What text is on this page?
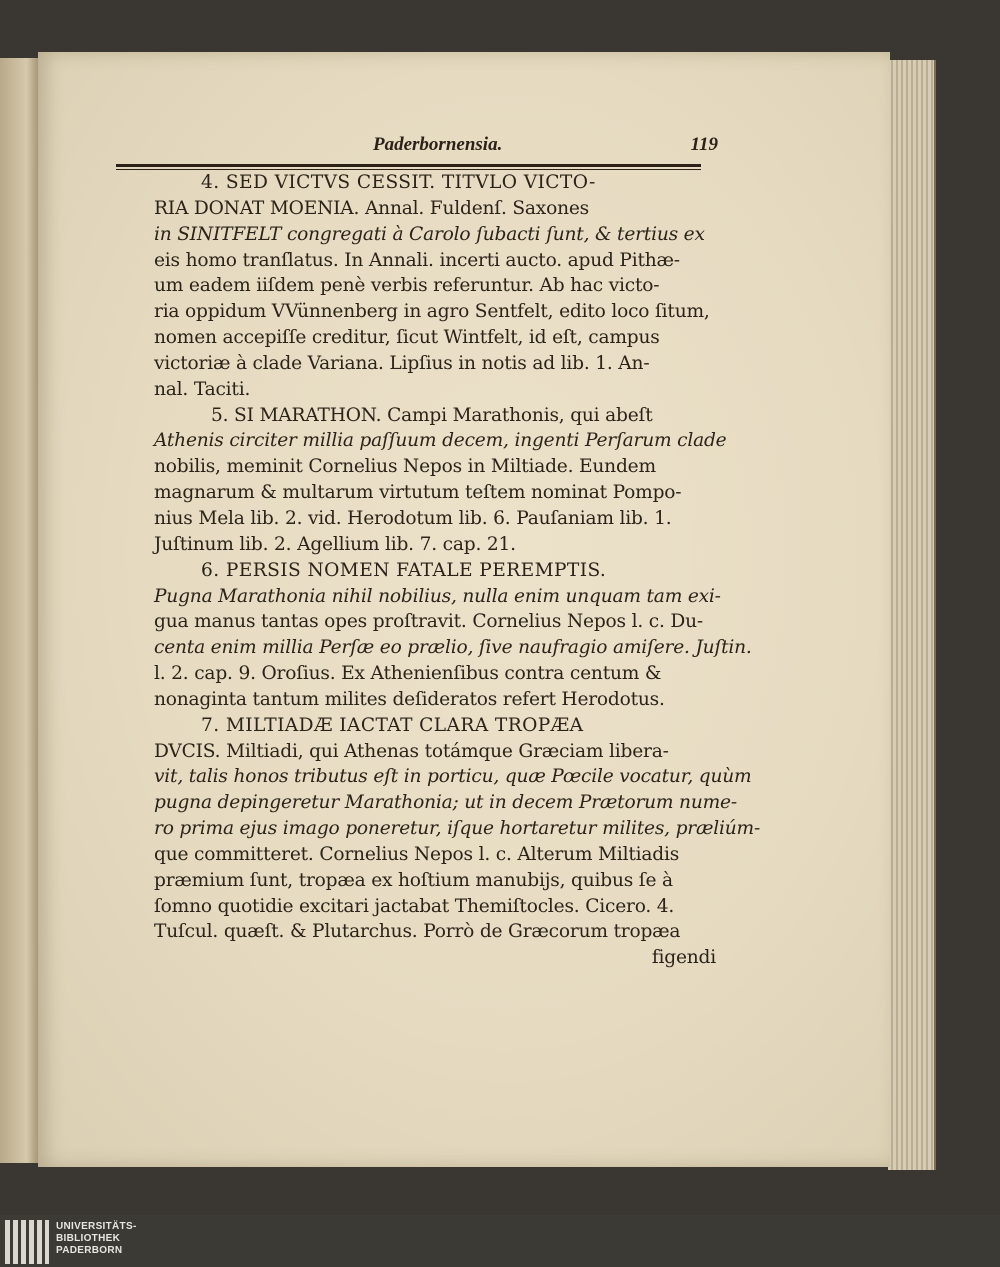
Paderbornensia.	119
4. SED VICTVS CESSIT. TITVLO VICTO-
RIA DONAT MOENIA. Annal. Fuldenſ. Saxones
in SINITFELT congregati à Carolo ſubacti ſunt, & tertius ex
eis homo tranſlatus. In Annali. incerti aucto. apud Pithæ-
um eadem iiſdem penè verbis referuntur. Ab hac victo-
ria oppidum VVünnenberg in agro Sentfelt, edito loco ſitum,
nomen accepiſſe creditur, ſicut Wintfelt, id eſt, campus
victoriæ à clade Variana. Lipſius in notis ad lib. 1. An-
nal. Taciti.
5. SI MARATHON. Campi Marathonis, qui abeſt
Athenis circiter millia paſſuum decem, ingenti Perſarum clade
nobilis, meminit Cornelius Nepos in Miltiade. Eundem
magnarum & multarum virtutum teſtem nominat Pompo-
nius Mela lib. 2. vid. Herodotum lib. 6. Pauſaniam lib. 1.
Juſtinum lib. 2. Agellium lib. 7. cap. 21.
6. PERSIS NOMEN FATALE PEREMPTIS.
Pugna Marathonia nihil nobilius, nulla enim unquam tam exi-
gua manus tantas opes proſtravit. Cornelius Nepos l. c. Du-
centa enim millia Perſæ eo prælio, ſive naufragio amiſere. Juſtin.
l. 2. cap. 9. Oroſius. Ex Athenienſibus contra centum &
nonaginta tantum milites deſideratos refert Herodotus.
7. MILTIADÆ IACTAT CLARA TROPÆA
DVCIS. Miltiadi, qui Athenas totámque Græciam libera-
vit, talis honos tributus eſt in porticu, quæ Pœcile vocatur, quùm
pugna depingeretur Marathonia; ut in decem Prætorum nume-
ro prima ejus imago poneretur, iſque hortaretur milites, præliúm-
que committeret. Cornelius Nepos l. c. Alterum Miltiadis
præmium ſunt, tropæa ex hoſtium manubijs, quibus ſe à
ſomno quotidie excitari jactabat Themiſtocles. Cicero. 4.
Tuſcul. quæſt. & Plutarchus. Porrò de Græcorum tropæa
figendi
UNIVERSITÄTS-
BIBLIOTHEK
PADERBORN
